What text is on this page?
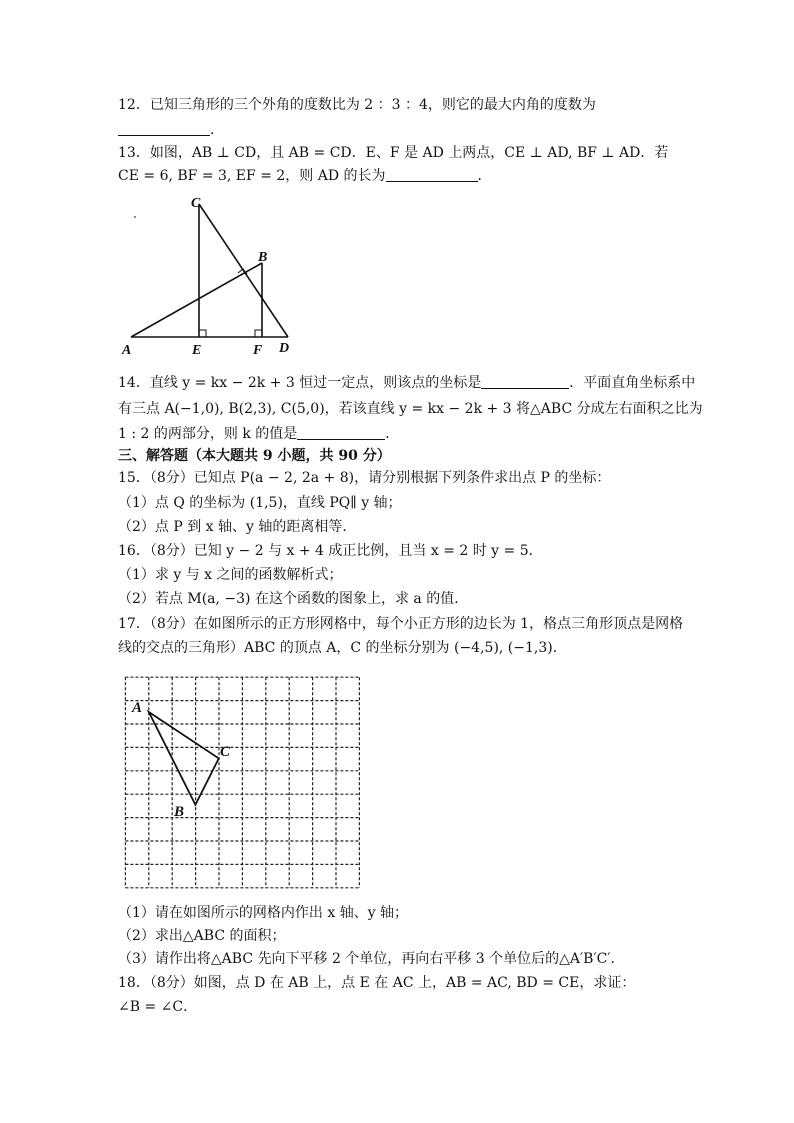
12．已知三角形的三个外角的度数比为 2 ：3 ：4，则它的最大内角的度数为
．
13．如图，AB ⊥ CD，且 AB = CD．E、F 是 AD 上两点，CE ⊥ AD, BF ⊥ AD．若
CE = 6, BF = 3, EF = 2，则 AD 的长为	．
C
B
A	E	F D
14．直线 y = kx − 2k + 3 恒过一定点，则该点的坐标是	．平面直角坐标系中
有三点 A(−1,0), B(2,3), C(5,0)，若该直线 y = kx − 2k + 3 将△ABC 分成左右面积之比为
1 : 2 的两部分，则 k 的值是	．
三、解答题（本大题共 9 小题，共 90 分）
15．（8分）已知点 P(a − 2, 2a + 8)，请分别根据下列条件求出点 P 的坐标：
（1）点 Q 的坐标为 (1,5)，直线 PQ∥ y 轴；
（2）点 P 到 x 轴、y 轴的距离相等．
16．（8分）已知 y − 2 与 x + 4 成正比例，且当 x = 2 时 y = 5．
（1）求 y 与 x 之间的函数解析式；
（2）若点 M(a, −3) 在这个函数的图象上，求 a 的值．
17．（8分）在如图所示的正方形网格中，每个小正方形的边长为 1，格点三角形顶点是网格
线的交点的三角形）ABC 的顶点 A，C 的坐标分别为 (−4,5), (−1,3)．
A
C
B
（1）请在如图所示的网格内作出 x 轴、y 轴；
（2）求出△ABC 的面积；
（3）请作出将△ABC 先向下平移 2 个单位，再向右平移 3 个单位后的△A′B′C′．
18．（8分）如图，点 D 在 AB 上，点 E 在 AC 上，AB = AC, BD = CE，求证：
∠B = ∠C．
